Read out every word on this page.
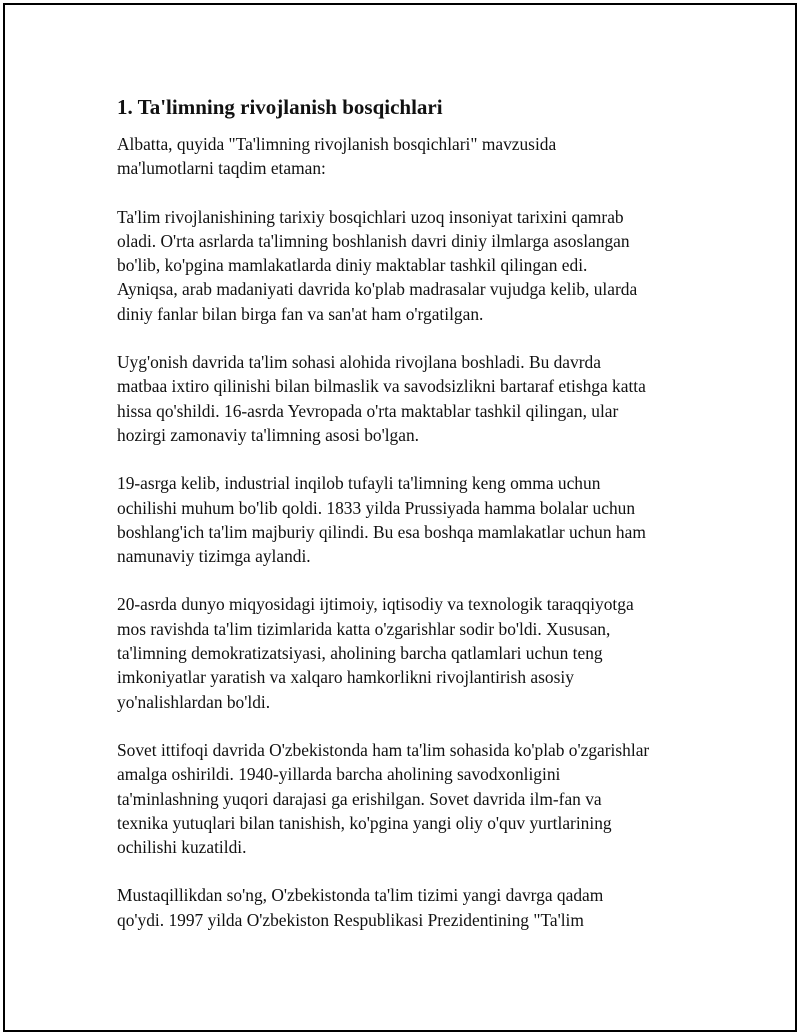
1. Ta'limning rivojlanish bosqichlari

Albatta, quyida "Ta'limning rivojlanish bosqichlari" mavzusida
ma'lumotlarni taqdim etaman:

Ta'lim rivojlanishining tarixiy bosqichlari uzoq insoniyat tarixini qamrab
oladi. O'rta asrlarda ta'limning boshlanish davri diniy ilmlarga asoslangan
bo'lib, ko'pgina mamlakatlarda diniy maktablar tashkil qilingan edi.
Ayniqsa, arab madaniyati davrida ko'plab madrasalar vujudga kelib, ularda
diniy fanlar bilan birga fan va san'at ham o'rgatilgan.

Uyg'onish davrida ta'lim sohasi alohida rivojlana boshladi. Bu davrda
matbaa ixtiro qilinishi bilan bilmaslik va savodsizlikni bartaraf etishga katta
hissa qo'shildi. 16-asrda Yevropada o'rta maktablar tashkil qilingan, ular
hozirgi zamonaviy ta'limning asosi bo'lgan.

19-asrga kelib, industrial inqilob tufayli ta'limning keng omma uchun
ochilishi muhum bo'lib qoldi. 1833 yilda Prussiyada hamma bolalar uchun
boshlang'ich ta'lim majburiy qilindi. Bu esa boshqa mamlakatlar uchun ham
namunaviy tizimga aylandi.

20-asrda dunyo miqyosidagi ijtimoiy, iqtisodiy va texnologik taraqqiyotga
mos ravishda ta'lim tizimlarida katta o'zgarishlar sodir bo'ldi. Xususan,
ta'limning demokratizatsiyasi, aholining barcha qatlamlari uchun teng
imkoniyatlar yaratish va xalqaro hamkorlikni rivojlantirish asosiy
yo'nalishlardan bo'ldi.

Sovet ittifoqi davrida O'zbekistonda ham ta'lim sohasida ko'plab o'zgarishlar
amalga oshirildi. 1940-yillarda barcha aholining savodxonligini
ta'minlashning yuqori darajasi ga erishilgan. Sovet davrida ilm-fan va
texnika yutuqlari bilan tanishish, ko'pgina yangi oliy o'quv yurtlarining
ochilishi kuzatildi.

Mustaqillikdan so'ng, O'zbekistonda ta'lim tizimi yangi davrga qadam
qo'ydi. 1997 yilda O'zbekiston Respublikasi Prezidentining "Ta'lim
